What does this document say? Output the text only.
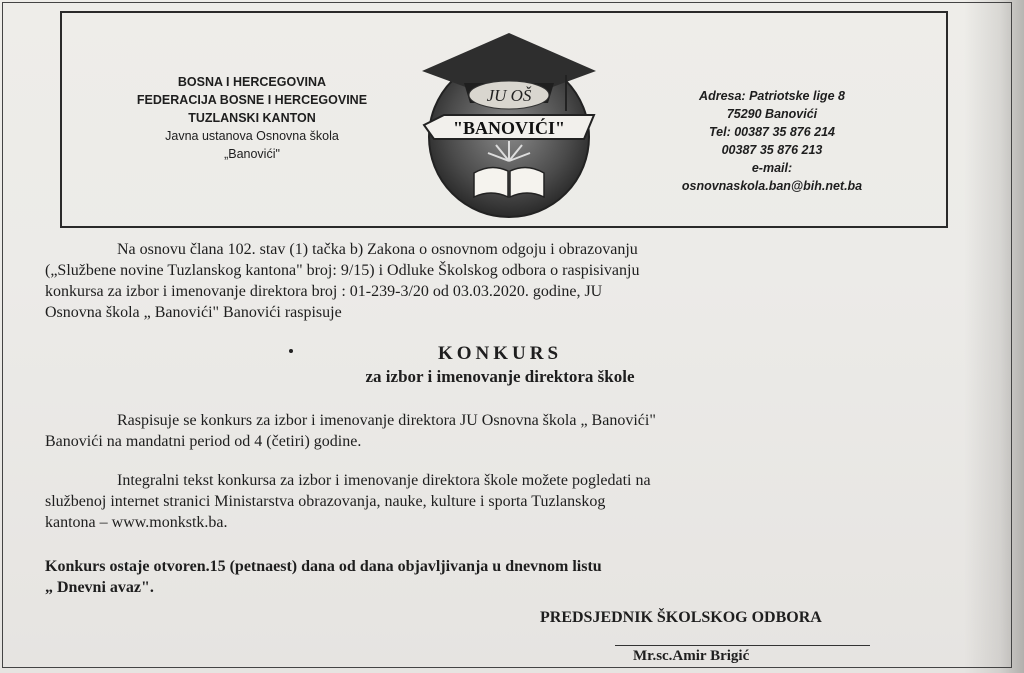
BOSNA I HERCEGOVINA
FEDERACIJA BOSNE I HERCEGOVINE
TUZLANSKI KANTON
Javna ustanova Osnovna škola
„Banovići"
JU OŠ
"BANOVIĆI"
Adresa: Patriotske lige 8
75290 Banovići
Tel: 00387 35 876 214
00387 35 876 213
e-mail:
osnovnaskola.ban@bih.net.ba
Na osnovu člana 102. stav (1) tačka b) Zakona o osnovnom odgoju i obrazovanju
(„Službene novine Tuzlanskog kantona" broj: 9/15) i Odluke Školskog odbora o raspisivanju
konkursa za izbor i imenovanje direktora broj : 01-239-3/20 od 03.03.2020. godine, JU
Osnovna škola „ Banovići" Banovići raspisuje
KONKURS
za izbor i imenovanje direktora škole
Raspisuje se konkurs za izbor i imenovanje direktora JU Osnovna škola „ Banovići"
Banovići na mandatni period od 4 (četiri) godine.
Integralni tekst konkursa za izbor i imenovanje direktora škole možete pogledati na
službenoj internet stranici Ministarstva obrazovanja, nauke, kulture i sporta Tuzlanskog
kantona – www.monkstk.ba.
Konkurs ostaje otvoren.15 (petnaest) dana od dana objavljivanja u dnevnom listu
„ Dnevni avaz".
PREDSJEDNIK ŠKOLSKOG ODBORA
Mr.sc.Amir Brigić
